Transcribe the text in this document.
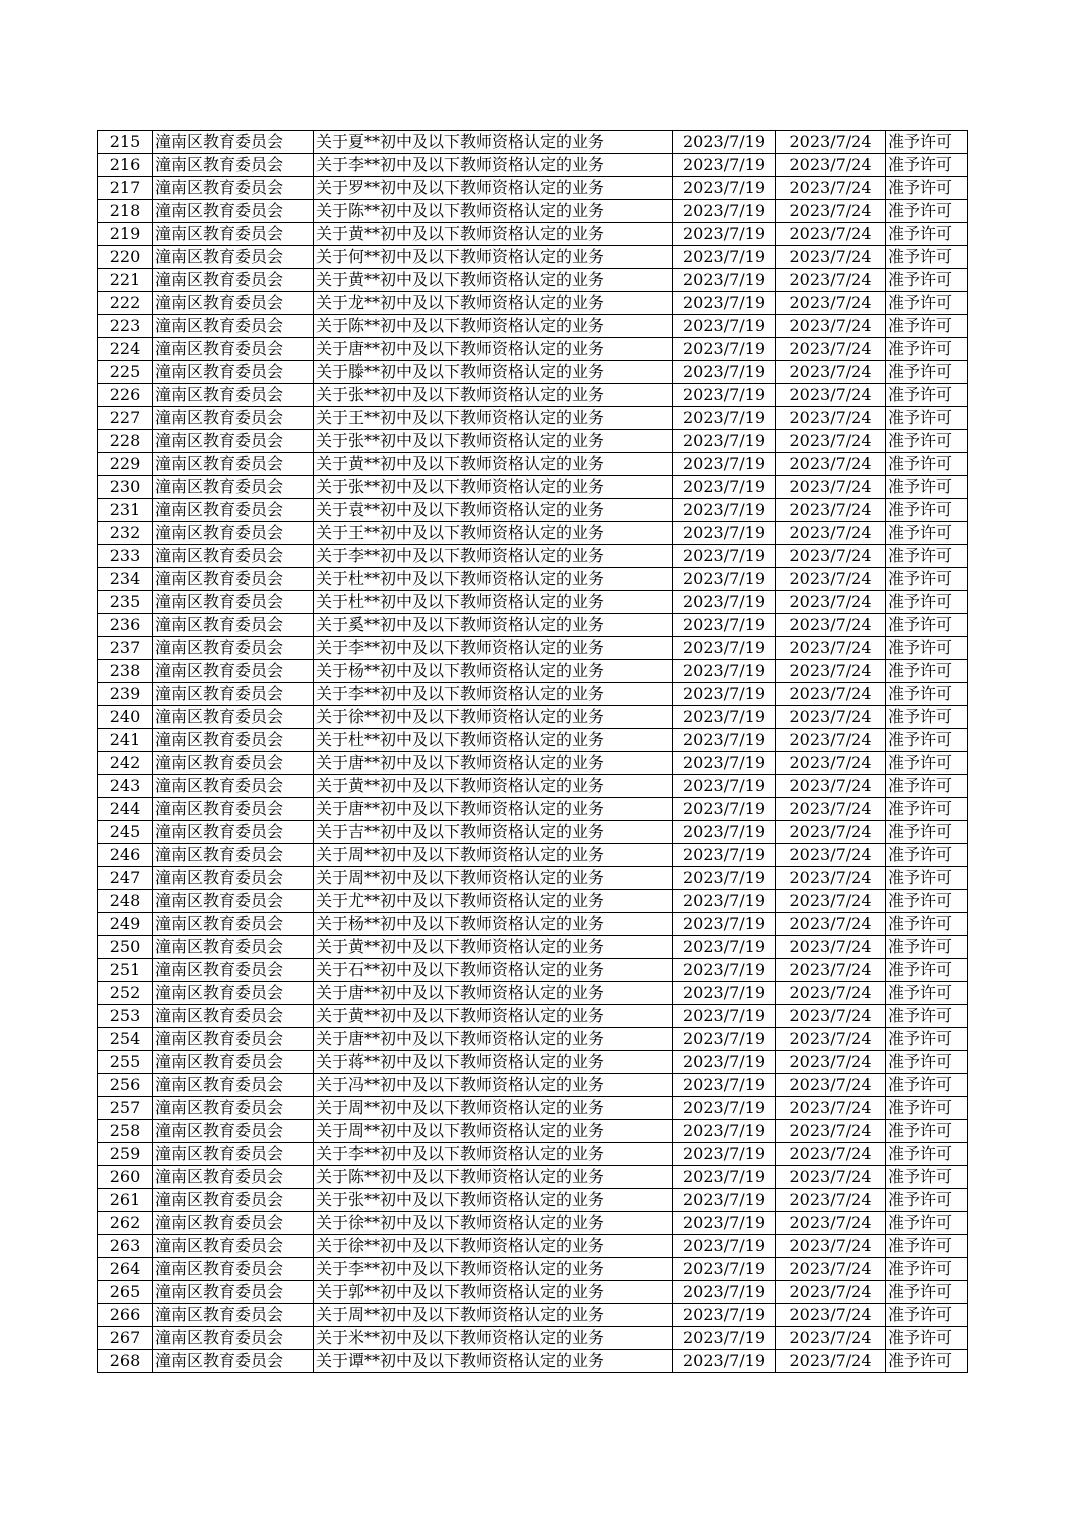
215	潼南区教育委员会	关于夏**初中及以下教师资格认定的业务	2023/7/19	2023/7/24	准予许可
216	潼南区教育委员会	关于李**初中及以下教师资格认定的业务	2023/7/19	2023/7/24	准予许可
217	潼南区教育委员会	关于罗**初中及以下教师资格认定的业务	2023/7/19	2023/7/24	准予许可
218	潼南区教育委员会	关于陈**初中及以下教师资格认定的业务	2023/7/19	2023/7/24	准予许可
219	潼南区教育委员会	关于黄**初中及以下教师资格认定的业务	2023/7/19	2023/7/24	准予许可
220	潼南区教育委员会	关于何**初中及以下教师资格认定的业务	2023/7/19	2023/7/24	准予许可
221	潼南区教育委员会	关于黄**初中及以下教师资格认定的业务	2023/7/19	2023/7/24	准予许可
222	潼南区教育委员会	关于龙**初中及以下教师资格认定的业务	2023/7/19	2023/7/24	准予许可
223	潼南区教育委员会	关于陈**初中及以下教师资格认定的业务	2023/7/19	2023/7/24	准予许可
224	潼南区教育委员会	关于唐**初中及以下教师资格认定的业务	2023/7/19	2023/7/24	准予许可
225	潼南区教育委员会	关于滕**初中及以下教师资格认定的业务	2023/7/19	2023/7/24	准予许可
226	潼南区教育委员会	关于张**初中及以下教师资格认定的业务	2023/7/19	2023/7/24	准予许可
227	潼南区教育委员会	关于王**初中及以下教师资格认定的业务	2023/7/19	2023/7/24	准予许可
228	潼南区教育委员会	关于张**初中及以下教师资格认定的业务	2023/7/19	2023/7/24	准予许可
229	潼南区教育委员会	关于黄**初中及以下教师资格认定的业务	2023/7/19	2023/7/24	准予许可
230	潼南区教育委员会	关于张**初中及以下教师资格认定的业务	2023/7/19	2023/7/24	准予许可
231	潼南区教育委员会	关于袁**初中及以下教师资格认定的业务	2023/7/19	2023/7/24	准予许可
232	潼南区教育委员会	关于王**初中及以下教师资格认定的业务	2023/7/19	2023/7/24	准予许可
233	潼南区教育委员会	关于李**初中及以下教师资格认定的业务	2023/7/19	2023/7/24	准予许可
234	潼南区教育委员会	关于杜**初中及以下教师资格认定的业务	2023/7/19	2023/7/24	准予许可
235	潼南区教育委员会	关于杜**初中及以下教师资格认定的业务	2023/7/19	2023/7/24	准予许可
236	潼南区教育委员会	关于奚**初中及以下教师资格认定的业务	2023/7/19	2023/7/24	准予许可
237	潼南区教育委员会	关于李**初中及以下教师资格认定的业务	2023/7/19	2023/7/24	准予许可
238	潼南区教育委员会	关于杨**初中及以下教师资格认定的业务	2023/7/19	2023/7/24	准予许可
239	潼南区教育委员会	关于李**初中及以下教师资格认定的业务	2023/7/19	2023/7/24	准予许可
240	潼南区教育委员会	关于徐**初中及以下教师资格认定的业务	2023/7/19	2023/7/24	准予许可
241	潼南区教育委员会	关于杜**初中及以下教师资格认定的业务	2023/7/19	2023/7/24	准予许可
242	潼南区教育委员会	关于唐**初中及以下教师资格认定的业务	2023/7/19	2023/7/24	准予许可
243	潼南区教育委员会	关于黄**初中及以下教师资格认定的业务	2023/7/19	2023/7/24	准予许可
244	潼南区教育委员会	关于唐**初中及以下教师资格认定的业务	2023/7/19	2023/7/24	准予许可
245	潼南区教育委员会	关于吉**初中及以下教师资格认定的业务	2023/7/19	2023/7/24	准予许可
246	潼南区教育委员会	关于周**初中及以下教师资格认定的业务	2023/7/19	2023/7/24	准予许可
247	潼南区教育委员会	关于周**初中及以下教师资格认定的业务	2023/7/19	2023/7/24	准予许可
248	潼南区教育委员会	关于尤**初中及以下教师资格认定的业务	2023/7/19	2023/7/24	准予许可
249	潼南区教育委员会	关于杨**初中及以下教师资格认定的业务	2023/7/19	2023/7/24	准予许可
250	潼南区教育委员会	关于黄**初中及以下教师资格认定的业务	2023/7/19	2023/7/24	准予许可
251	潼南区教育委员会	关于石**初中及以下教师资格认定的业务	2023/7/19	2023/7/24	准予许可
252	潼南区教育委员会	关于唐**初中及以下教师资格认定的业务	2023/7/19	2023/7/24	准予许可
253	潼南区教育委员会	关于黄**初中及以下教师资格认定的业务	2023/7/19	2023/7/24	准予许可
254	潼南区教育委员会	关于唐**初中及以下教师资格认定的业务	2023/7/19	2023/7/24	准予许可
255	潼南区教育委员会	关于蒋**初中及以下教师资格认定的业务	2023/7/19	2023/7/24	准予许可
256	潼南区教育委员会	关于冯**初中及以下教师资格认定的业务	2023/7/19	2023/7/24	准予许可
257	潼南区教育委员会	关于周**初中及以下教师资格认定的业务	2023/7/19	2023/7/24	准予许可
258	潼南区教育委员会	关于周**初中及以下教师资格认定的业务	2023/7/19	2023/7/24	准予许可
259	潼南区教育委员会	关于李**初中及以下教师资格认定的业务	2023/7/19	2023/7/24	准予许可
260	潼南区教育委员会	关于陈**初中及以下教师资格认定的业务	2023/7/19	2023/7/24	准予许可
261	潼南区教育委员会	关于张**初中及以下教师资格认定的业务	2023/7/19	2023/7/24	准予许可
262	潼南区教育委员会	关于徐**初中及以下教师资格认定的业务	2023/7/19	2023/7/24	准予许可
263	潼南区教育委员会	关于徐**初中及以下教师资格认定的业务	2023/7/19	2023/7/24	准予许可
264	潼南区教育委员会	关于李**初中及以下教师资格认定的业务	2023/7/19	2023/7/24	准予许可
265	潼南区教育委员会	关于郭**初中及以下教师资格认定的业务	2023/7/19	2023/7/24	准予许可
266	潼南区教育委员会	关于周**初中及以下教师资格认定的业务	2023/7/19	2023/7/24	准予许可
267	潼南区教育委员会	关于米**初中及以下教师资格认定的业务	2023/7/19	2023/7/24	准予许可
268	潼南区教育委员会	关于谭**初中及以下教师资格认定的业务	2023/7/19	2023/7/24	准予许可
